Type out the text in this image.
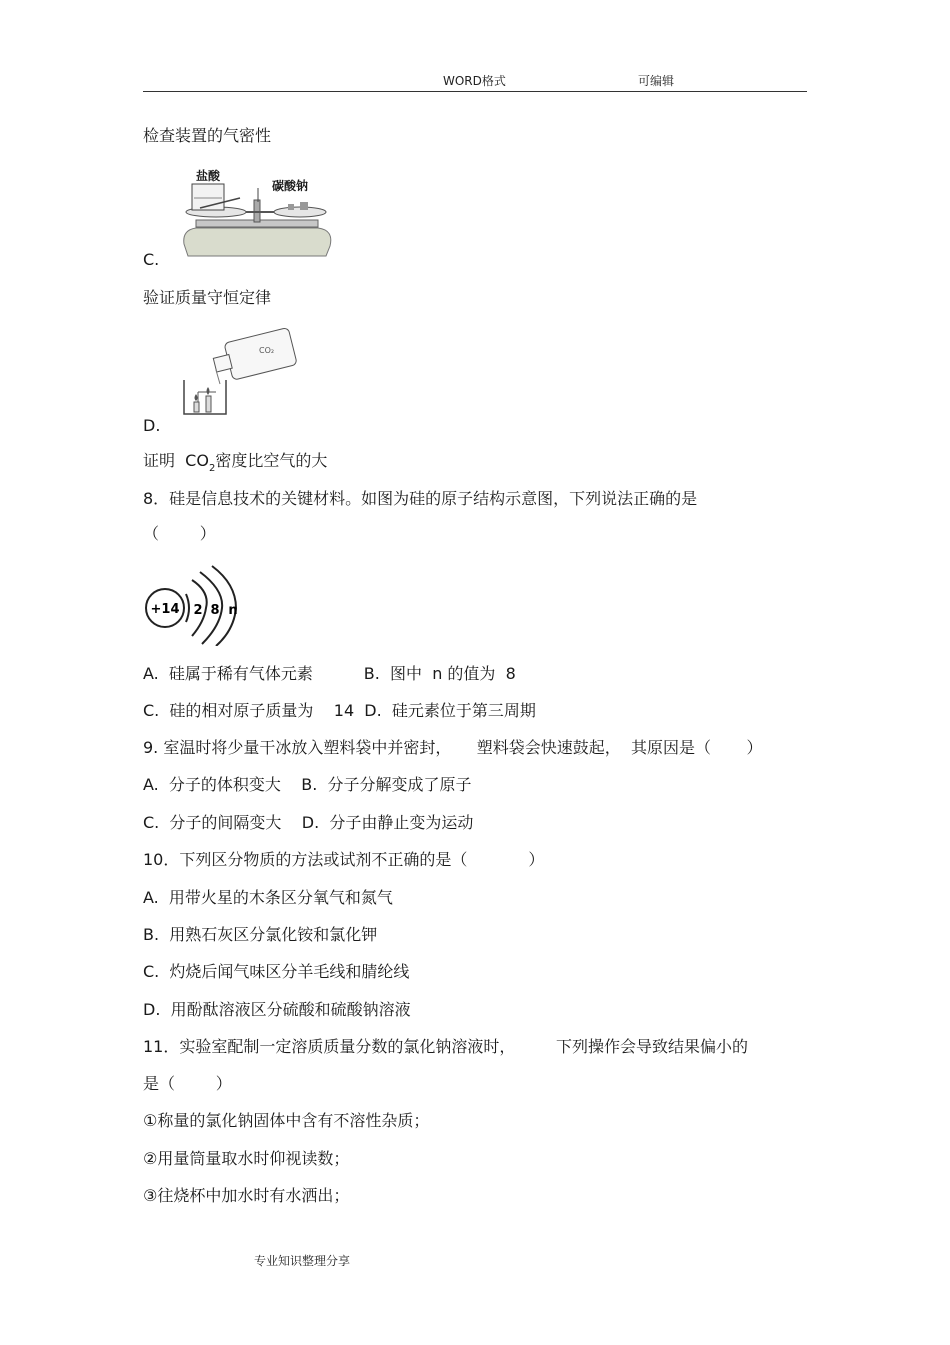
WORD格式	可编辑
检查装置的气密性
盐酸
碳酸钠
C.
验证质量守恒定律
CO₂
D.
证明  $CO_2$密度比空气的大
8．硅是信息技术的关键材料。如图为硅的原子结构示意图，下列说法正确的是
（        ）
+14 2 8 n
A.  硅属于稀有气体元素          B.  图中  n 的值为  8
C.  硅的相对原子质量为    14  D.  硅元素位于第三周期
9. 室温时将少量干冰放入塑料袋中并密封，     塑料袋会快速鼓起，  其原因是（       ）
A.  分子的体积变大    B.  分子分解变成了原子
C.  分子的间隔变大    D.  分子由静止变为运动
10．下列区分物质的方法或试剂不正确的是（            ）
A.  用带火星的木条区分氧气和氮气
B.  用熟石灰区分氯化铵和氯化钾
C.  灼烧后闻气味区分羊毛线和腈纶线
D.  用酚酞溶液区分硫酸和硫酸钠溶液
11．实验室配制一定溶质质量分数的氯化钠溶液时，        下列操作会导致结果偏小的
是（        ）
①称量的氯化钠固体中含有不溶性杂质；
②用量筒量取水时仰视读数；
③往烧杯中加水时有水洒出；
专业知识整理分享
